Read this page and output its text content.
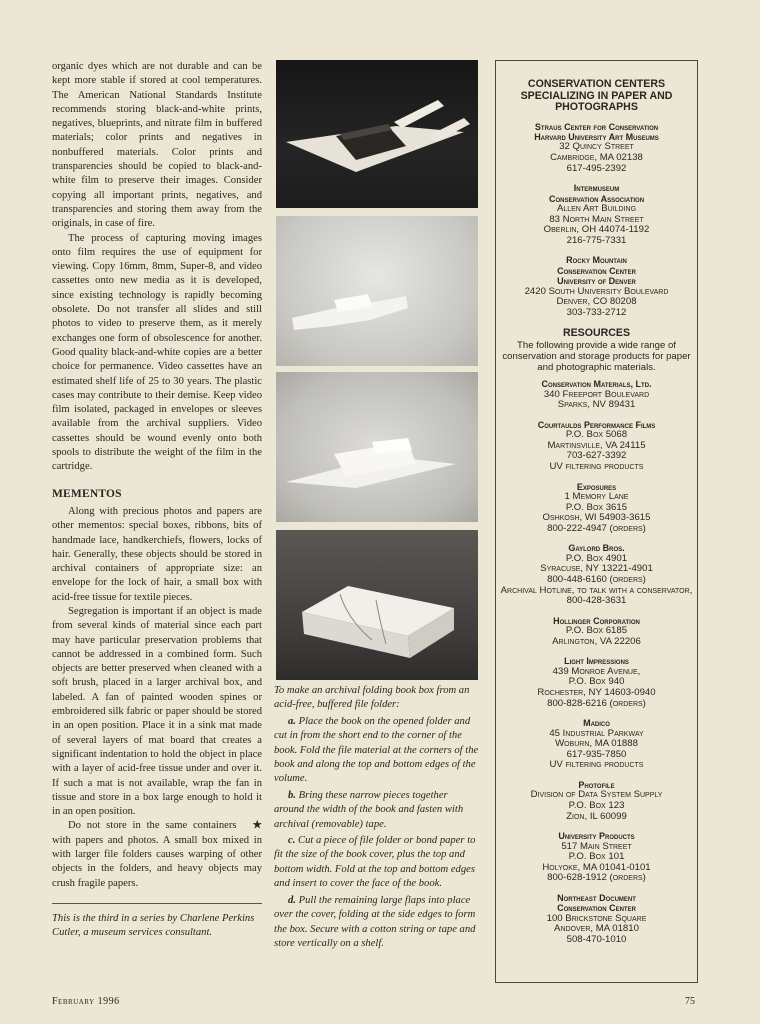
organic dyes which are not durable and can be kept more stable if stored at cool temperatures. The American National Standards Institute recommends storing black-and-white prints, negatives, blueprints, and nitrate film in buffered materials; color prints and negatives in nonbuffered materials. Color prints and transparencies should be copied to black-and-white film to preserve their images. Consider copying all important prints, negatives, and transparencies and storing them away from the originals, in case of fire.

The process of capturing moving images onto film requires the use of equipment for viewing. Copy 16mm, 8mm, Super-8, and video cassettes onto new media as it is developed, since existing technology is rapidly becoming obsolete. Do not transfer all slides and still photos to video to preserve them, as it merely exchanges one form of obsolescence for another. Good quality black-and-white copies are a better choice for permanence. Video cassettes have an estimated shelf life of 25 to 30 years. The plastic cases may contribute to their demise. Keep video film isolated, packaged in envelopes or sleeves available from the archival suppliers. Video cassettes should be wound evenly onto both spools to distribute the weight of the film in the cartridge.

MEMENTOS

Along with precious photos and papers are other mementos: special boxes, ribbons, bits of handmade lace, handkerchiefs, flowers, locks of hair. Generally, these objects should be stored in archival containers of appropriate size: an envelope for the lock of hair, a small box with acid-free tissue for textile pieces.

Segregation is important if an object is made from several kinds of material since each part may have particular preservation problems that cannot be addressed in a combined form. Such objects are better preserved when cleaned with a soft brush, placed in a larger archival box, and labeled. A fan of painted wooden spines or embroidered silk fabric or paper should be stored in an open position. Place it in a sink mat made of several layers of mat board that creates a significant indentation to hold the object in place with a layer of acid-free tissue under and over it. If such a mat is not available, wrap the fan in tissue and store in a box large enough to hold it in an open position.

★
Do not store in the same containers with papers and photos. A small box mixed in with larger file folders causes warping of other objects in the folders, and heavy objects may crush fragile papers.

This is the third in a series by Charlene Perkins Cutler, a museum services consultant.

To make an archival folding book box from an acid-free, buffered file folder:

a. Place the book on the opened folder and cut in from the short end to the corner of the book. Fold the file material at the corners of the book and along the top and bottom edges of the volume.

b. Bring these narrow pieces together around the width of the book and fasten with archival (removable) tape.

c. Cut a piece of file folder or bond paper to fit the size of the book cover, plus the top and bottom width. Fold at the top and bottom edges and insert to cover the face of the book.

d. Pull the remaining large flaps into place over the cover, folding at the side edges to form the box. Secure with a cotton string or tape and store vertically on a shelf.

CONSERVATION CENTERS SPECIALIZING IN PAPER AND PHOTOGRAPHS
Straus Center for Conservation
Harvard University Art Museums
32 Quincy Street
Cambridge, MA 02138
617-495-2392
Intermuseum
Conservation Association
Allen Art Building
83 North Main Street
Oberlin, OH 44074-1192
216-775-7331
Rocky Mountain
Conservation Center
University of Denver
2420 South University Boulevard
Denver, CO 80208
303-733-2712
RESOURCES
The following provide a wide range of conservation and storage products for paper and photographic materials.
Conservation Materials, Ltd.
340 Freeport Boulevard
Sparks, NV 89431
Courtaulds Performance Films
P.O. Box 5068
Martinsville, VA 24115
703-627-3392
UV filtering products
Exposures
1 Memory Lane
P.O. Box 3615
Oshkosh, WI 54903-3615
800-222-4947 (orders)
Gaylord Bros.
P.O. Box 4901
Syracuse, NY 13221-4901
800-448-6160 (orders)
Archival Hotline, to talk with a conservator, 800-428-3631
Hollinger Corporation
P.O. Box 6185
Arlington, VA 22206
Light Impressions
439 Monroe Avenue,
P.O. Box 940
Rochester, NY 14603-0940
800-828-6216 (orders)
Madico
45 Industrial Parkway
Woburn, MA 01888
617-935-7850
UV filtering products
Photofile
Division of Data System Supply
P.O. Box 123
Zion, IL 60099
University Products
517 Main Street
P.O. Box 101
Holyoke, MA 01041-0101
800-628-1912 (orders)
Northeast Document
Conservation Center
100 Brickstone Square
Andover, MA 01810
508-470-1010
February 1996	75
